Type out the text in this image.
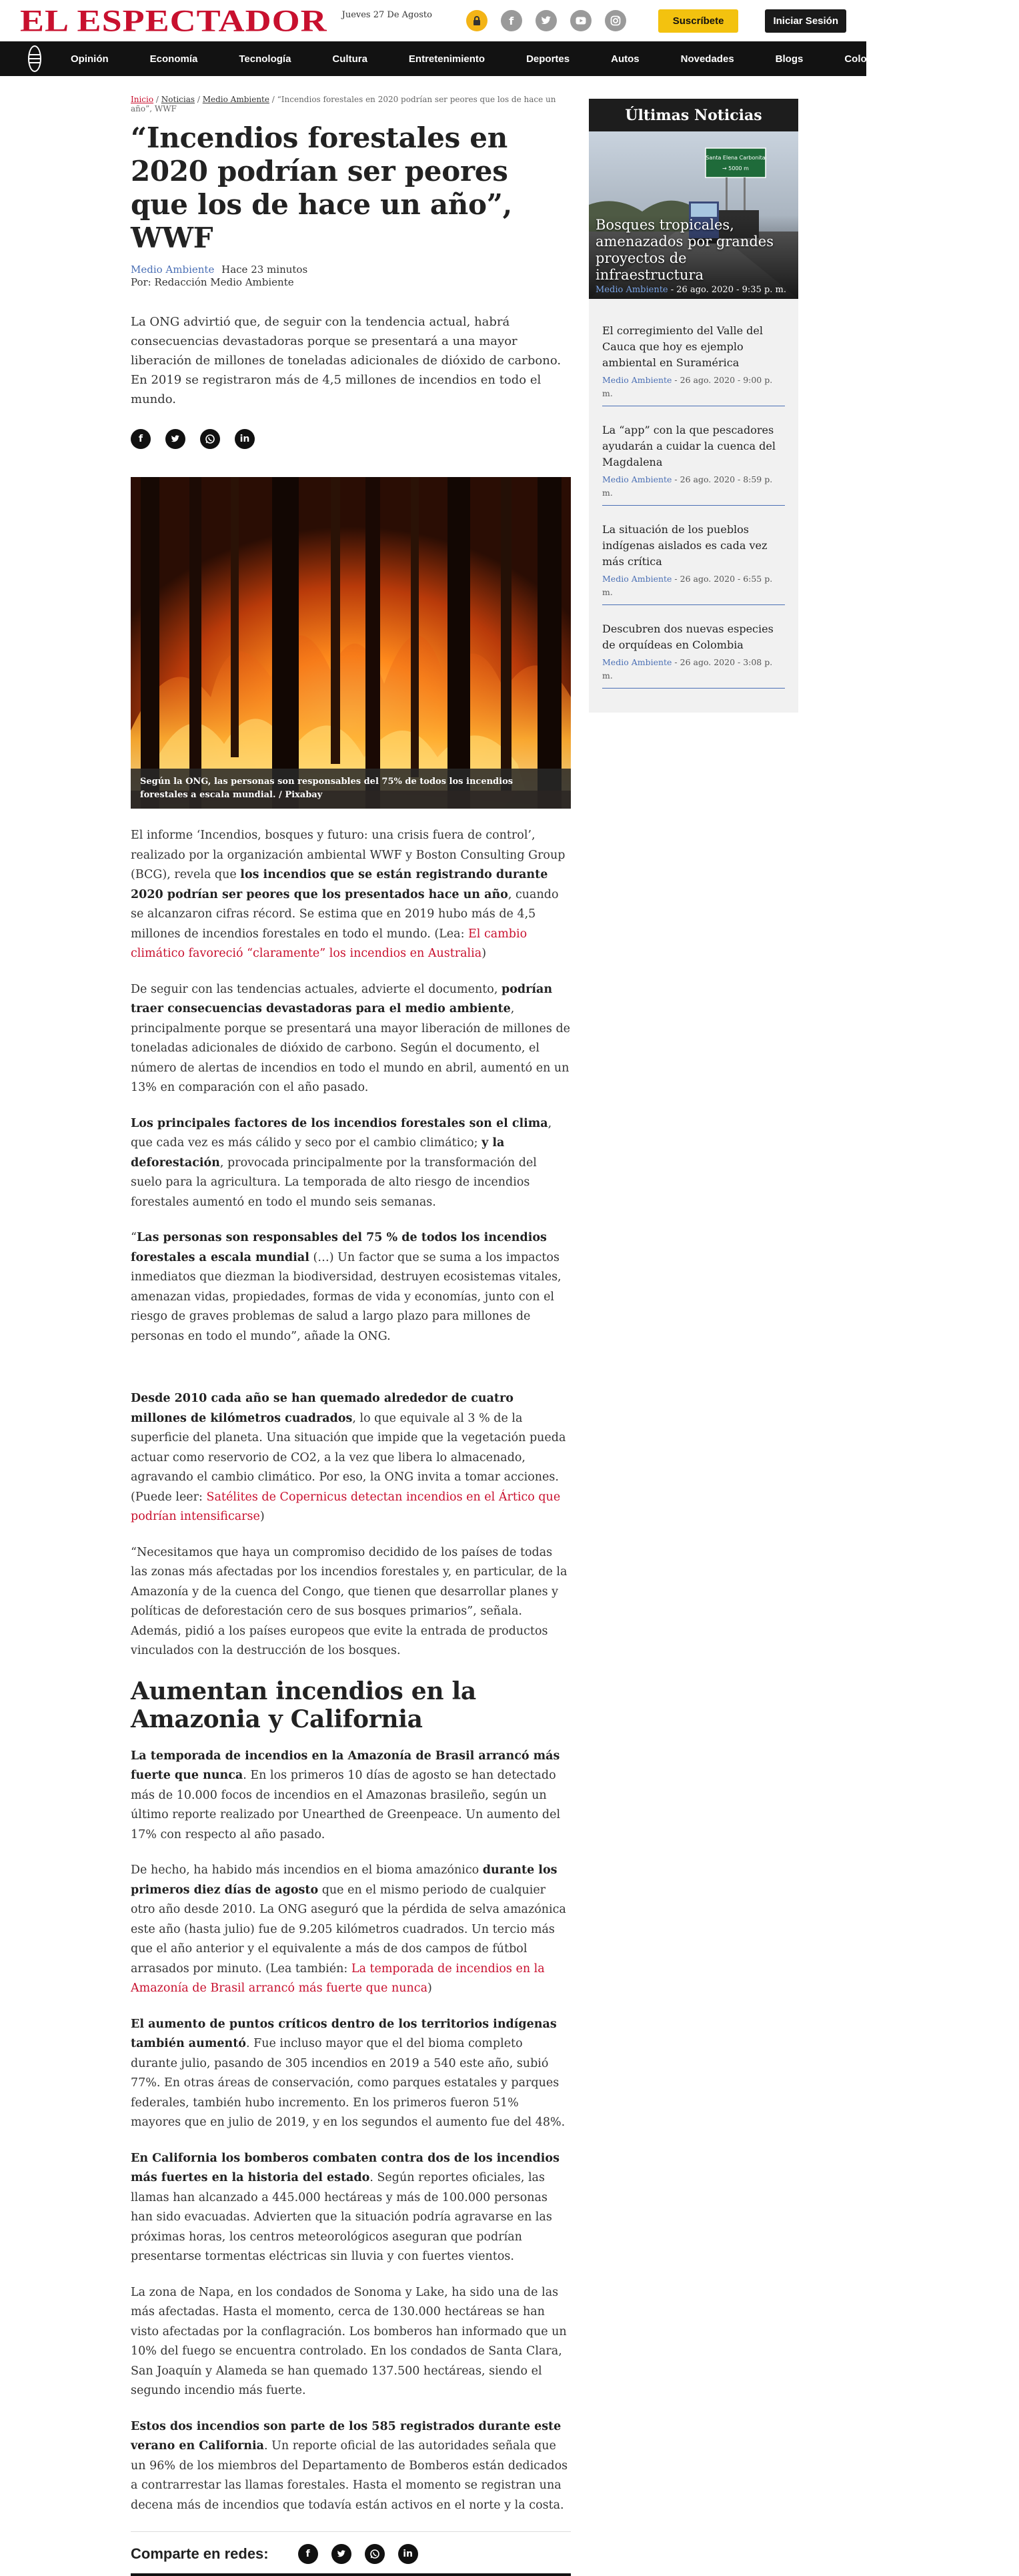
EL ESPECTADOR Jueves 27 De Agosto	f	Suscríbete	Iniciar Sesión
Opinión	Economía	Tecnología	Cultura	Entretenimiento	Deportes	Autos	Novedades	Blogs	Colombia 2020	Vivir
Inicio / Noticias / Medio Ambiente / “Incendios forestales en 2020 podrían ser peores que los de hace un año”, WWF
“Incendios forestales en 2020 podrían ser peores que los de hace un año”, WWF
Medio Ambiente Hace 23 minutos
Por: Redacción Medio Ambiente

La ONG advirtió que, de seguir con la tendencia actual, habrá consecuencias devastadoras porque se presentará a una mayor liberación de millones de toneladas adicionales de dióxido de carbono. En 2019 se registraron más de 4,5 millones de incendios en todo el mundo.

f	in
Según la ONG, las personas son responsables del 75% de todos los incendios forestales a escala mundial. / Pixabay

El informe ‘Incendios, bosques y futuro: una crisis fuera de control’, realizado por la organización ambiental WWF y Boston Consulting Group (BCG), revela que los incendios que se están registrando durante 2020 podrían ser peores que los presentados hace un año, cuando se alcanzaron cifras récord. Se estima que en 2019 hubo más de 4,5 millones de incendios forestales en todo el mundo. (Lea: El cambio climático favoreció “claramente” los incendios en Australia)

De seguir con las tendencias actuales, advierte el documento, podrían traer consecuencias devastadoras para el medio ambiente, principalmente porque se presentará una mayor liberación de millones de toneladas adicionales de dióxido de carbono. Según el documento, el número de alertas de incendios en todo el mundo en abril, aumentó en un 13% en comparación con el año pasado.

Los principales factores de los incendios forestales son el clima, que cada vez es más cálido y seco por el cambio climático; y la deforestación, provocada principalmente por la transformación del suelo para la agricultura. La temporada de alto riesgo de incendios forestales aumentó en todo el mundo seis semanas.

“Las personas son responsables del 75 % de todos los incendios forestales a escala mundial (…) Un factor que se suma a los impactos inmediatos que diezman la biodiversidad, destruyen ecosistemas vitales, amenazan vidas, propiedades, formas de vida y economías, junto con el riesgo de graves problemas de salud a largo plazo para millones de personas en todo el mundo”, añade la ONG.

Desde 2010 cada año se han quemado alrededor de cuatro millones de kilómetros cuadrados, lo que equivale al 3 % de la superficie del planeta. Una situación que impide que la vegetación pueda actuar como reservorio de CO2, a la vez que libera lo almacenado, agravando el cambio climático. Por eso, la ONG invita a tomar acciones. (Puede leer: Satélites de Copernicus detectan incendios en el Ártico que podrían intensificarse)

“Necesitamos que haya un compromiso decidido de los países de todas las zonas más afectadas por los incendios forestales y, en particular, de la Amazonía y de la cuenca del Congo, que tienen que desarrollar planes y políticas de deforestación cero de sus bosques primarios”, señala. Además, pidió a los países europeos que evite la entrada de productos vinculados con la destrucción de los bosques.

Aumentan incendios en la Amazonia y California

La temporada de incendios en la Amazonía de Brasil arrancó más fuerte que nunca. En los primeros 10 días de agosto se han detectado más de 10.000 focos de incendios en el Amazonas brasileño, según un último reporte realizado por Unearthed de Greenpeace. Un aumento del 17% con respecto al año pasado.

De hecho, ha habido más incendios en el bioma amazónico durante los primeros diez días de agosto que en el mismo periodo de cualquier otro año desde 2010. La ONG aseguró que la pérdida de selva amazónica este año (hasta julio) fue de 9.205 kilómetros cuadrados. Un tercio más que el año anterior y el equivalente a más de dos campos de fútbol arrasados por minuto. (Lea también: La temporada de incendios en la Amazonía de Brasil arrancó más fuerte que nunca)

El aumento de puntos críticos dentro de los territorios indígenas también aumentó. Fue incluso mayor que el del bioma completo durante julio, pasando de 305 incendios en 2019 a 540 este año, subió 77%. En otras áreas de conservación, como parques estatales y parques federales, también hubo incremento. En los primeros fueron 51% mayores que en julio de 2019, y en los segundos el aumento fue del 48%.

En California los bomberos combaten contra dos de los incendios más fuertes en la historia del estado. Según reportes oficiales, las llamas han alcanzado a 445.000 hectáreas y más de 100.000 personas han sido evacuadas. Advierten que la situación podría agravarse en las próximas horas, los centros meteorológicos aseguran que podrían presentarse tormentas eléctricas sin lluvia y con fuertes vientos.

La zona de Napa, en los condados de Sonoma y Lake, ha sido una de las más afectadas. Hasta el momento, cerca de 130.000 hectáreas se han visto afectadas por la conflagración. Los bomberos han informado que un 10% del fuego se encuentra controlado. En los condados de Santa Clara, San Joaquín y Alameda se han quemado 137.500 hectáreas, siendo el segundo incendio más fuerte.

Estos dos incendios son parte de los 585 registrados durante este verano en California. Un reporte oficial de las autoridades señala que un 96% de los miembros del Departamento de Bomberos están dedicados a contrarrestar las llamas forestales. Hasta el momento se registran una decena más de incendios que todavía están activos en el norte y la costa.

Comparte en redes:	f	in
Últimas Noticias
Bosques tropicales, amenazados por grandes proyectos de infraestructura
Medio Ambiente - 26 ago. 2020 - 9:35 p. m.
El corregimiento del Valle del Cauca que hoy es ejemplo ambiental en Suramérica
Medio Ambiente - 26 ago. 2020 - 9:00 p. m.
La “app” con la que pescadores ayudarán a cuidar la cuenca del Magdalena
Medio Ambiente - 26 ago. 2020 - 8:59 p. m.
La situación de los pueblos indígenas aislados es cada vez más crítica
Medio Ambiente - 26 ago. 2020 - 6:55 p. m.
Descubren dos nuevas especies de orquídeas en Colombia
Medio Ambiente - 26 ago. 2020 - 3:08 p. m.
